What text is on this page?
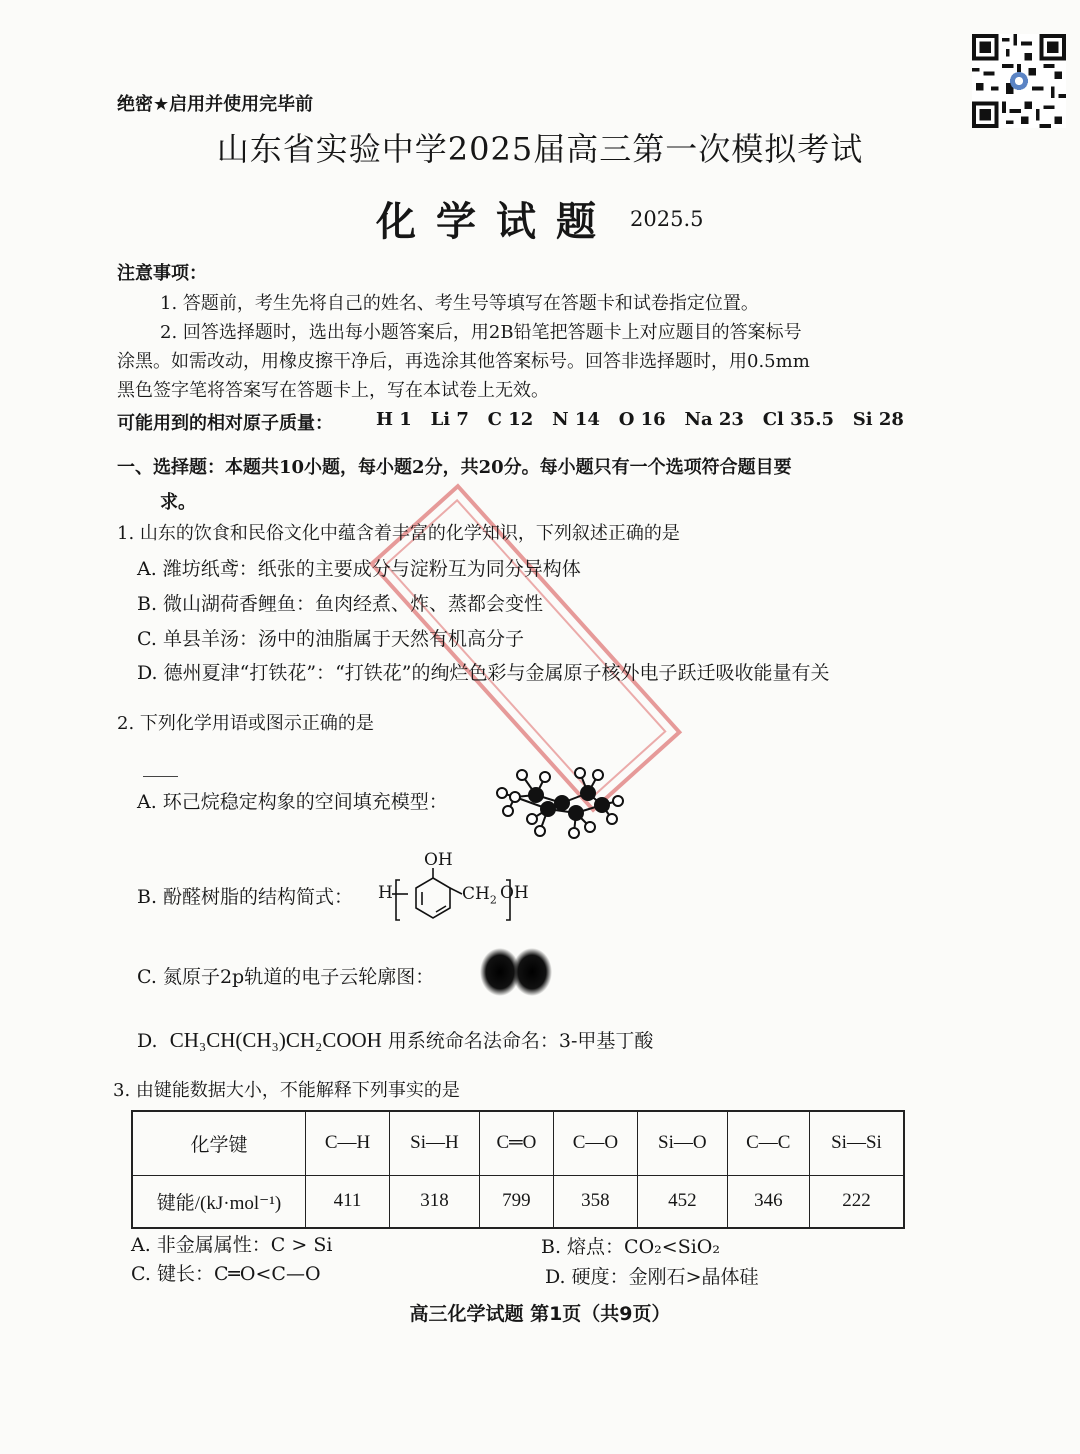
绝密★启用并使用完毕前
山东省实验中学2025届高三第一次模拟考试
化学试题 2025.5
注意事项：
1. 答题前，考生先将自己的姓名、考生号等填写在答题卡和试卷指定位置。
2. 回答选择题时，选出每小题答案后，用2B铅笔把答题卡上对应题目的答案标号
涂黑。如需改动，用橡皮擦干净后，再选涂其他答案标号。回答非选择题时，用0.5mm
黑色签字笔将答案写在答题卡上，写在本试卷上无效。
可能用到的相对原子质量： H 1   Li 7   C 12   N 14   O 16   Na 23   Cl 35.5   Si 28
一、选择题：本题共10小题，每小题2分，共20分。每小题只有一个选项符合题目要
求。
1. 山东的饮食和民俗文化中蕴含着丰富的化学知识，下列叙述正确的是
A. 潍坊纸鸢：纸张的主要成分与淀粉互为同分异构体
B. 微山湖荷香鲤鱼：鱼肉经煮、炸、蒸都会变性
C. 单县羊汤：汤中的油脂属于天然有机高分子
D. 德州夏津“打铁花”：“打铁花”的绚烂色彩与金属原子核外电子跃迁吸收能量有关
2. 下列化学用语或图示正确的是
A. 环己烷稳定构象的空间填充模型：
B. 酚醛树脂的结构简式： H
OH
$CH_2$ OH
C. 氮原子2p轨道的电子云轮廓图：
D. CH₃CH(CH₃)CH₂COOH 用系统命名法命名：3-甲基丁酸
3. 由键能数据大小，不能解释下列事实的是
化学键	C—H	Si—H	C═O	C—O	Si—O	C—C	Si—Si
键能/(kJ·mol⁻¹)	411	318	799	358	452	346	222
A. 非金属属性：C > Si	B. 熔点：CO₂<SiO₂
C. 键长：C═O<C—O	D. 硬度：金刚石>晶体硅
高三化学试题 第1页（共9页）
